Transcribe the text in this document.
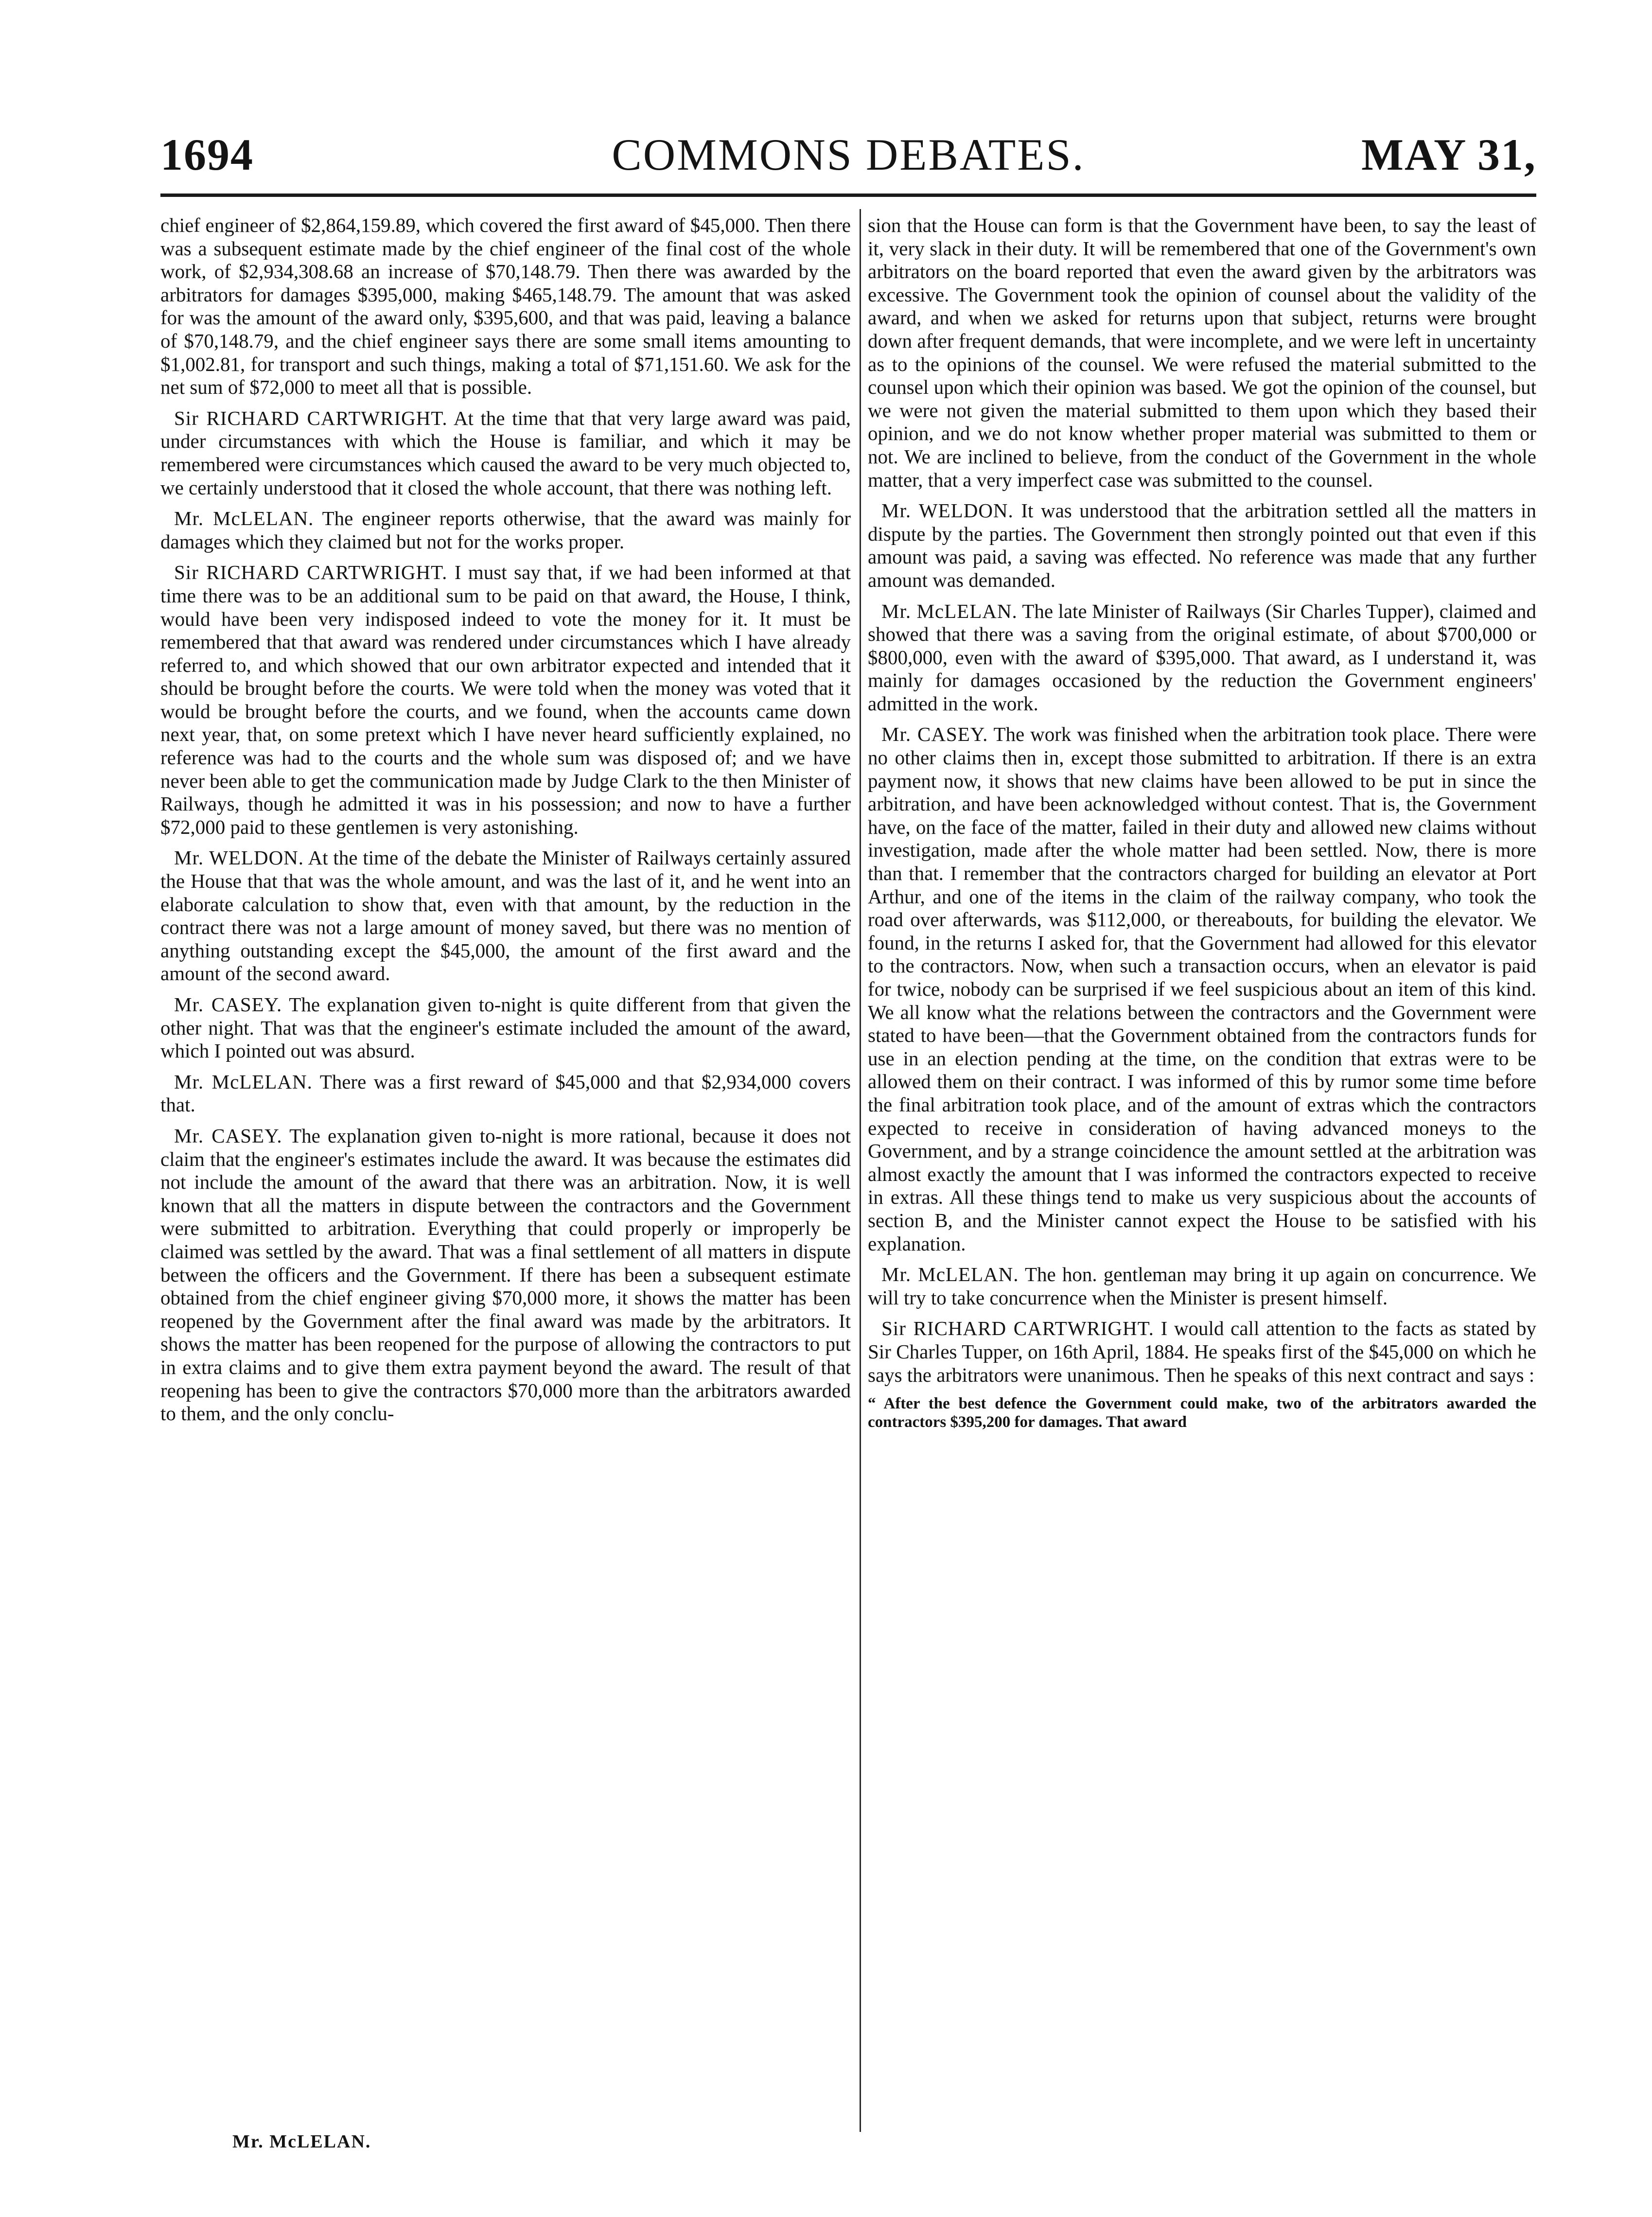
1694	COMMONS DEBATES.	MAY 31,

chief engineer of $2,864,159.89, which covered the first award of $45,000. Then there was a subsequent estimate made by the chief engineer of the final cost of the whole work, of $2,934,308.68 an increase of $70,148.79. Then there was awarded by the arbitrators for damages $395,000, making $465,148.79. The amount that was asked for was the amount of the award only, $395,600, and that was paid, leaving a balance of $70,148.79, and the chief engineer says there are some small items amounting to $1,002.81, for transport and such things, making a total of $71,151.60. We ask for the net sum of $72,000 to meet all that is possible.

Sir RICHARD CARTWRIGHT. At the time that that very large award was paid, under circumstances with which the House is familiar, and which it may be remembered were circumstances which caused the award to be very much objected to, we certainly understood that it closed the whole account, that there was nothing left.

Mr. McLELAN. The engineer reports otherwise, that the award was mainly for damages which they claimed but not for the works proper.

Sir RICHARD CARTWRIGHT. I must say that, if we had been informed at that time there was to be an additional sum to be paid on that award, the House, I think, would have been very indisposed indeed to vote the money for it. It must be remembered that that award was rendered under circumstances which I have already referred to, and which showed that our own arbitrator expected and intended that it should be brought before the courts. We were told when the money was voted that it would be brought before the courts, and we found, when the accounts came down next year, that, on some pretext which I have never heard sufficiently explained, no reference was had to the courts and the whole sum was disposed of; and we have never been able to get the communication made by Judge Clark to the then Minister of Railways, though he admitted it was in his possession; and now to have a further $72,000 paid to these gentlemen is very astonishing.

Mr. WELDON. At the time of the debate the Minister of Railways certainly assured the House that that was the whole amount, and was the last of it, and he went into an elaborate calculation to show that, even with that amount, by the reduction in the contract there was not a large amount of money saved, but there was no mention of anything outstanding except the $45,000, the amount of the first award and the amount of the second award.

Mr. CASEY. The explanation given to-night is quite different from that given the other night. That was that the engineer's estimate included the amount of the award, which I pointed out was absurd.

Mr. McLELAN. There was a first reward of $45,000 and that $2,934,000 covers that.

Mr. CASEY. The explanation given to-night is more rational, because it does not claim that the engineer's estimates include the award. It was because the estimates did not include the amount of the award that there was an arbitration. Now, it is well known that all the matters in dispute between the contractors and the Government were submitted to arbitration. Everything that could properly or improperly be claimed was settled by the award. That was a final settlement of all matters in dispute between the officers and the Government. If there has been a subsequent estimate obtained from the chief engineer giving $70,000 more, it shows the matter has been reopened by the Government after the final award was made by the arbitrators. It shows the matter has been reopened for the purpose of allowing the contractors to put in extra claims and to give them extra payment beyond the award. The result of that reopening has been to give the contractors $70,000 more than the arbitrators awarded to them, and the only conclu-

sion that the House can form is that the Government have been, to say the least of it, very slack in their duty. It will be remembered that one of the Government's own arbitrators on the board reported that even the award given by the arbitrators was excessive. The Government took the opinion of counsel about the validity of the award, and when we asked for returns upon that subject, returns were brought down after frequent demands, that were incomplete, and we were left in uncertainty as to the opinions of the counsel. We were refused the material submitted to the counsel upon which their opinion was based. We got the opinion of the counsel, but we were not given the material submitted to them upon which they based their opinion, and we do not know whether proper material was submitted to them or not. We are inclined to believe, from the conduct of the Government in the whole matter, that a very imperfect case was submitted to the counsel.

Mr. WELDON. It was understood that the arbitration settled all the matters in dispute by the parties. The Government then strongly pointed out that even if this amount was paid, a saving was effected. No reference was made that any further amount was demanded.

Mr. McLELAN. The late Minister of Railways (Sir Charles Tupper), claimed and showed that there was a saving from the original estimate, of about $700,000 or $800,000, even with the award of $395,000. That award, as I understand it, was mainly for damages occasioned by the reduction the Government engineers' admitted in the work.

Mr. CASEY. The work was finished when the arbitration took place. There were no other claims then in, except those submitted to arbitration. If there is an extra payment now, it shows that new claims have been allowed to be put in since the arbitration, and have been acknowledged without contest. That is, the Government have, on the face of the matter, failed in their duty and allowed new claims without investigation, made after the whole matter had been settled. Now, there is more than that. I remember that the contractors charged for building an elevator at Port Arthur, and one of the items in the claim of the railway company, who took the road over afterwards, was $112,000, or thereabouts, for building the elevator. We found, in the returns I asked for, that the Government had allowed for this elevator to the contractors. Now, when such a transaction occurs, when an elevator is paid for twice, nobody can be surprised if we feel suspicious about an item of this kind. We all know what the relations between the contractors and the Government were stated to have been—that the Government obtained from the contractors funds for use in an election pending at the time, on the condition that extras were to be allowed them on their contract. I was informed of this by rumor some time before the final arbitration took place, and of the amount of extras which the contractors expected to receive in consideration of having advanced moneys to the Government, and by a strange coincidence the amount settled at the arbitration was almost exactly the amount that I was informed the contractors expected to receive in extras. All these things tend to make us very suspicious about the accounts of section B, and the Minister cannot expect the House to be satisfied with his explanation.

Mr. McLELAN. The hon. gentleman may bring it up again on concurrence. We will try to take concurrence when the Minister is present himself.

Sir RICHARD CARTWRIGHT. I would call attention to the facts as stated by Sir Charles Tupper, on 16th April, 1884. He speaks first of the $45,000 on which he says the arbitrators were unanimous. Then he speaks of this next contract and says :

“ After the best defence the Government could make, two of the arbitrators awarded the contractors $395,200 for damages. That award

Mr. McLELAN.
